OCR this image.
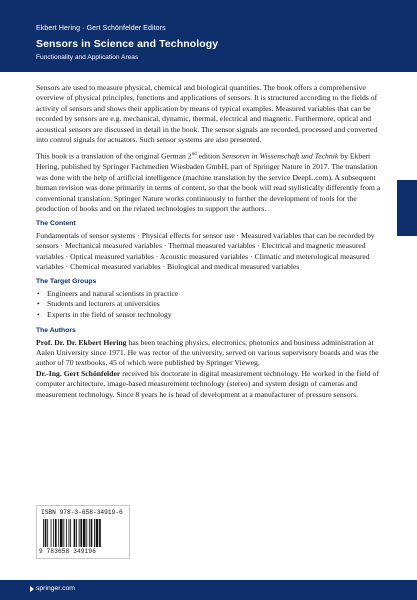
Ekbert Hering · Gert Schönfelder Editors
Sensors in Science and Technology
Functionality and Application Areas

Sensors are used to measure physical, chemical and biological quantities. The book offers a comprehensive overview of physical principles, functions and applications of sensors. It is structured according to the fields of activity of sensors and shows their application by means of typical examples. Measured variables that can be recorded by sensors are e.g. mechanical, dynamic, thermal, electrical and magnetic. Furthermore, optical and acoustical sensors are discussed in detail in the book. The sensor signals are recorded, processed and converted into control signals for actuators. Such sensor systems are also presented.

This book is a translation of the original German 2nd edition Sensoren in Wissenschaft und Technik by Ekbert Hering, published by Springer Fachmedien Wiesbaden GmbH, part of Springer Nature in 2017. The translation was done with the help of artificial intelligence (machine translation by the service DeepL.com). A subsequent human revision was done primarily in terms of content, so that the book will read stylistically differently from a conventional translation. Springer Nature works continuously to further the development of tools for the production of books and on the related technologies to support the authors.

The Content

Fundamentals of sensor systems · Physical effects for sensor use · Measured variables that can be recorded by sensors · Mechanical measured variables · Thermal measured variables · Electrical and magnetic measured variables · Optical measured variables · Acoustic measured variables · Climatic and meterological measured variables · Chemical measured variables · Biological and medical measured variables

The Target Groups
• Engineers and natural scientists in practice
• Students and lecturers at universities
• Experts in the field of sensor technology
The Authors

Prof. Dr. Dr. Ekbert Hering has been teaching physics, electronics, photonics and business administration at Aalen University since 1971. He was rector of the university, served on various supervisory boards and was the author of 70 textbooks, 45 of which were published by Springer Vieweg.
Dr.-Ing. Gert Schönfelder received his doctorate in digital measurement technology. He worked in the field of computer architecture, image-based measurement technology (stereo) and system design of cameras and measurement technology. Since 8 years he is head of development at a manufacturer of pressure sensors.

ISBN 978-3-658-34919-6
9 783658 349196
springer.com
